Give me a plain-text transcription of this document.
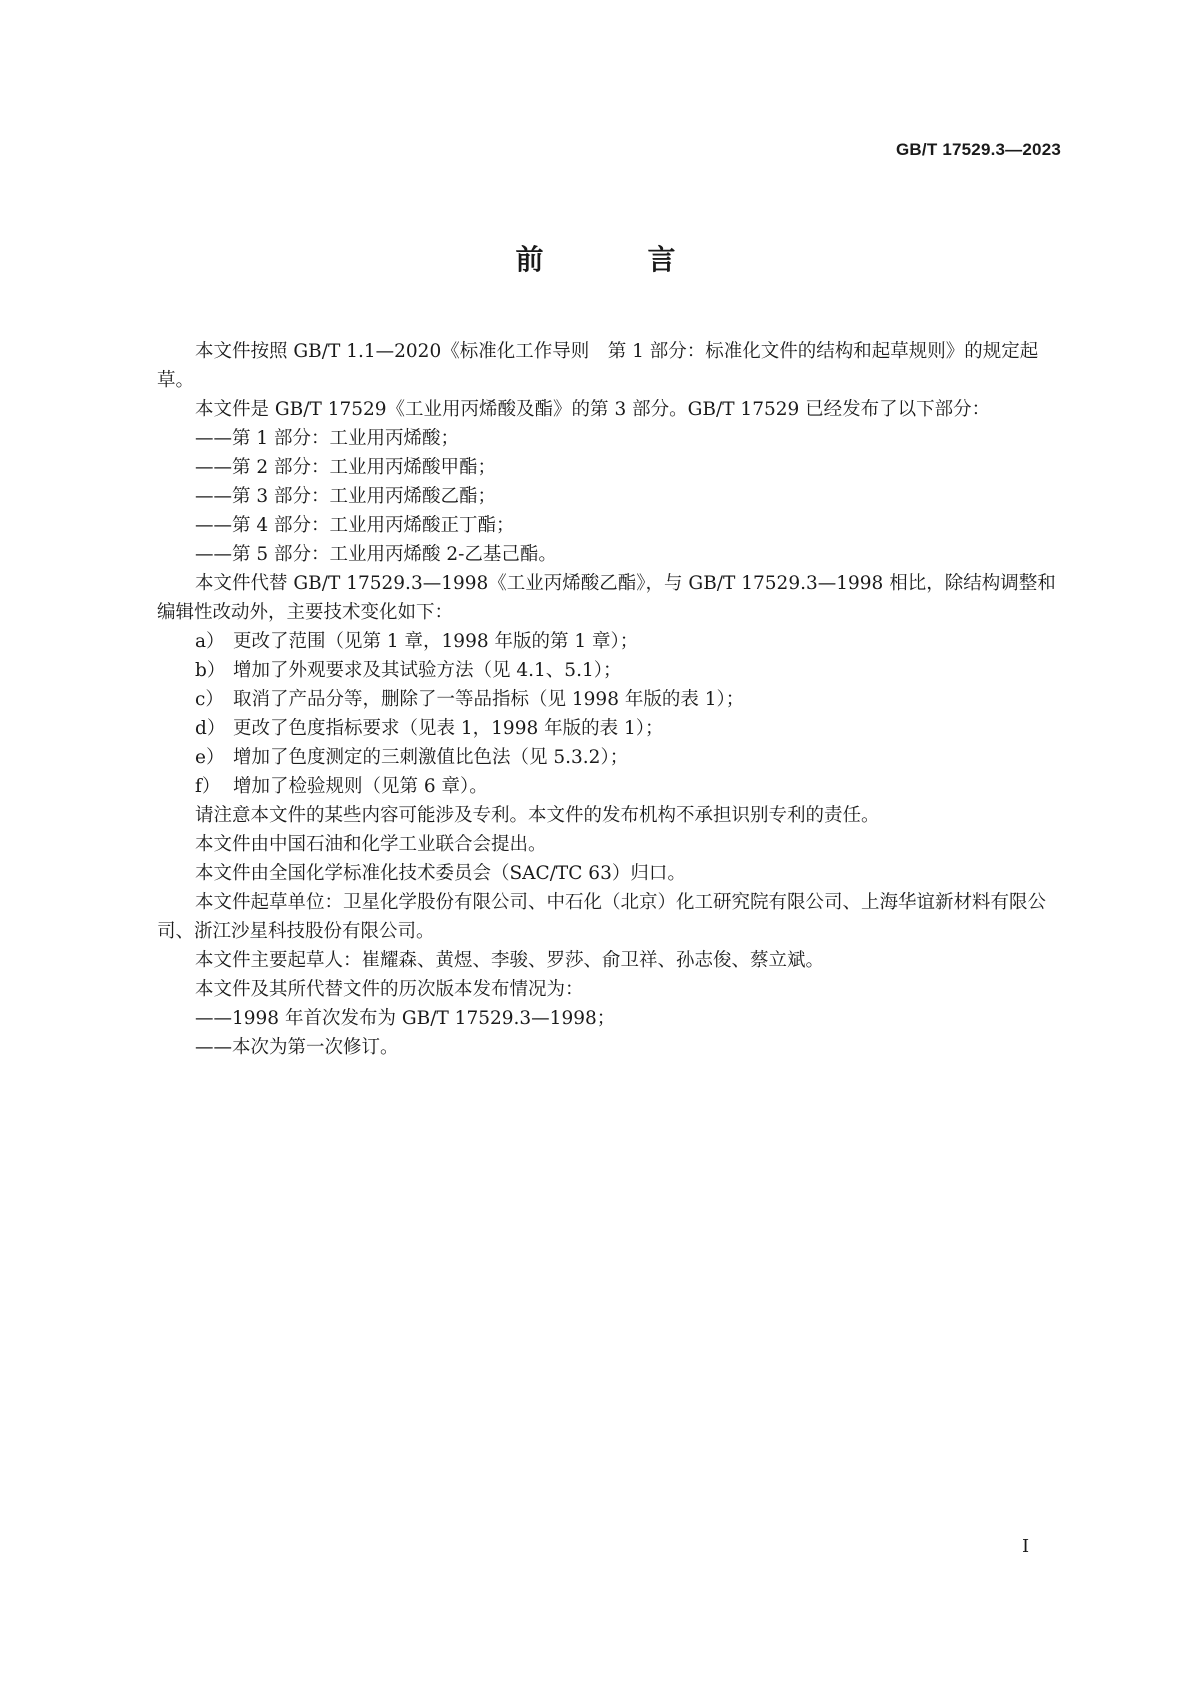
GB/T 17529.3—2023

前　言

本文件按照 GB/T 1.1—2020《标准化工作导则　第 1 部分：标准化文件的结构和起草规则》的规定起草。

本文件是 GB/T 17529《工业用丙烯酸及酯》的第 3 部分。GB/T 17529 已经发布了以下部分：

——第 1 部分：工业用丙烯酸；

——第 2 部分：工业用丙烯酸甲酯；

——第 3 部分：工业用丙烯酸乙酯；

——第 4 部分：工业用丙烯酸正丁酯；

——第 5 部分：工业用丙烯酸 2-乙基己酯。

本文件代替 GB/T 17529.3—1998《工业丙烯酸乙酯》，与 GB/T 17529.3—1998 相比，除结构调整和编辑性改动外，主要技术变化如下：

a） 更改了范围（见第 1 章，1998 年版的第 1 章）；

b） 增加了外观要求及其试验方法（见 4.1、5.1）；

c） 取消了产品分等，删除了一等品指标（见 1998 年版的表 1）；

d） 更改了色度指标要求（见表 1，1998 年版的表 1）；

e） 增加了色度测定的三刺激值比色法（见 5.3.2）；

f） 增加了检验规则（见第 6 章）。

请注意本文件的某些内容可能涉及专利。本文件的发布机构不承担识别专利的责任。

本文件由中国石油和化学工业联合会提出。

本文件由全国化学标准化技术委员会（SAC/TC 63）归口。

本文件起草单位：卫星化学股份有限公司、中石化（北京）化工研究院有限公司、上海华谊新材料有限公司、浙江沙星科技股份有限公司。

本文件主要起草人：崔耀森、黄煜、李骏、罗莎、俞卫祥、孙志俊、蔡立斌。

本文件及其所代替文件的历次版本发布情况为：

——1998 年首次发布为 GB/T 17529.3—1998；

——本次为第一次修订。

I
